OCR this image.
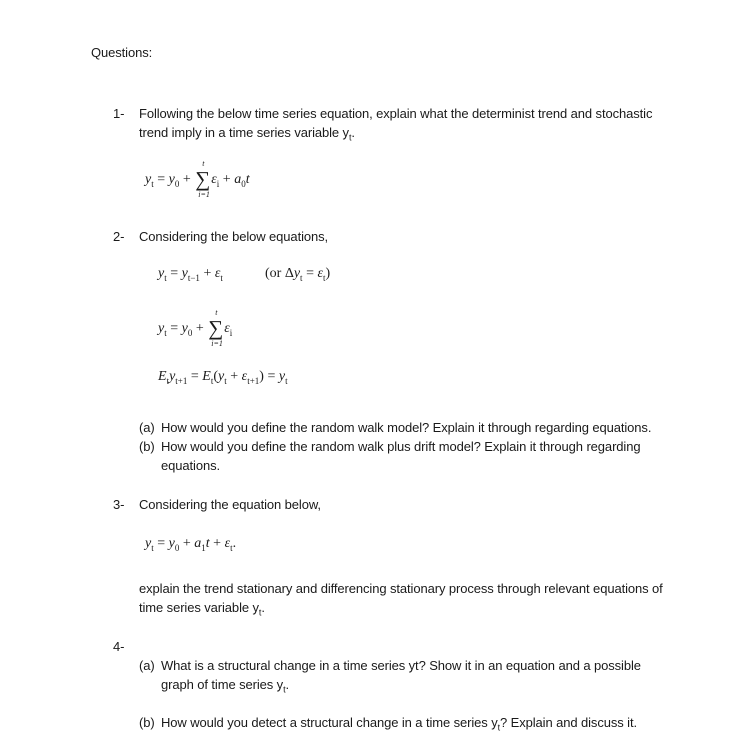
Questions:
1- Following the below time series equation, explain what the determinist trend and stochastic
trend imply in a time series variable $y_t$.
$y_t = y_0$ + ∑
t
i=1
$\varepsilon_i + a_0t$
2- Considering the below equations,
$y_t = y_{t-1} + \varepsilon_t$	(or $\Delta y_t = \varepsilon_t$)
$y_t = y_0$ + ∑
t
i=1
$\varepsilon_i$
$E_ty_{t+1} = E_t(y_t + \varepsilon_{t+1}) = y_t$
(a) How would you define the random walk model? Explain it through regarding equations.
(b) How would you define the random walk plus drift model? Explain it through regarding
equations.
3- Considering the equation below,
$y_t = y_0 + a_1t + \varepsilon_t$.
explain the trend stationary and differencing stationary process through relevant equations of
time series variable $y_t$.
4-
(a) What is a structural change in a time series yt? Show it in an equation and a possible
graph of time series $y_t$.
(b) How would you detect a structural change in a time series $y_t$? Explain and discuss it.
